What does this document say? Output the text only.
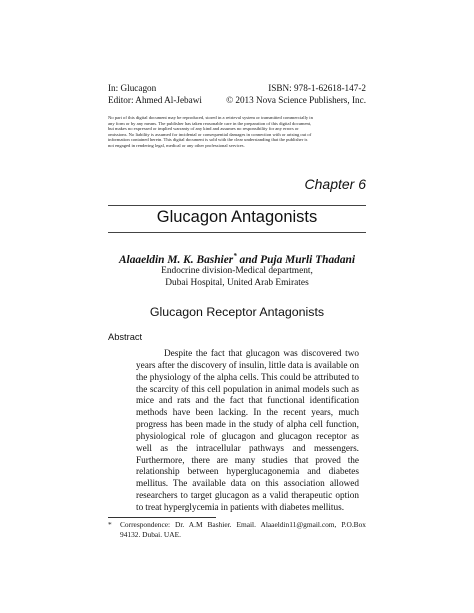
In: Glucagon
Editor: Ahmed Al-Jebawi
ISBN: 978-1-62618-147-2
© 2013 Nova Science Publishers, Inc.
No part of this digital document may be reproduced, stored in a retrieval system or transmitted commercially in any form or by any means. The publisher has taken reasonable care in the preparation of this digital document, but makes no expressed or implied warranty of any kind and assumes no responsibility for any errors or omissions. No liability is assumed for incidental or consequential damages in connection with or arising out of information contained herein. This digital document is sold with the clear understanding that the publisher is not engaged in rendering legal, medical or any other professional services.
Chapter 6
Glucagon Antagonists
Alaaeldin M. K. Bashier* and Puja Murli Thadani
Endocrine division-Medical department,
Dubai Hospital, United Arab Emirates
Glucagon Receptor Antagonists
Abstract
Despite the fact that glucagon was discovered two years after the discovery of insulin, little data is available on the physiology of the alpha cells. This could be attributed to the scarcity of this cell population in animal models such as mice and rats and the fact that functional identification methods have been lacking. In the recent years, much progress has been made in the study of alpha cell function, physiological role of glucagon and glucagon receptor as well as the intracellular pathways and messengers. Furthermore, there are many studies that proved the relationship between hyperglucagonemia and diabetes mellitus. The available data on this association allowed researchers to target glucagon as a valid therapeutic option to treat hyperglycemia in patients with diabetes mellitus.
*	Correspondence: Dr. A.M Bashier. Email. Alaaeldin11@gmail.com, P.O.Box 94132. Dubai. UAE.
